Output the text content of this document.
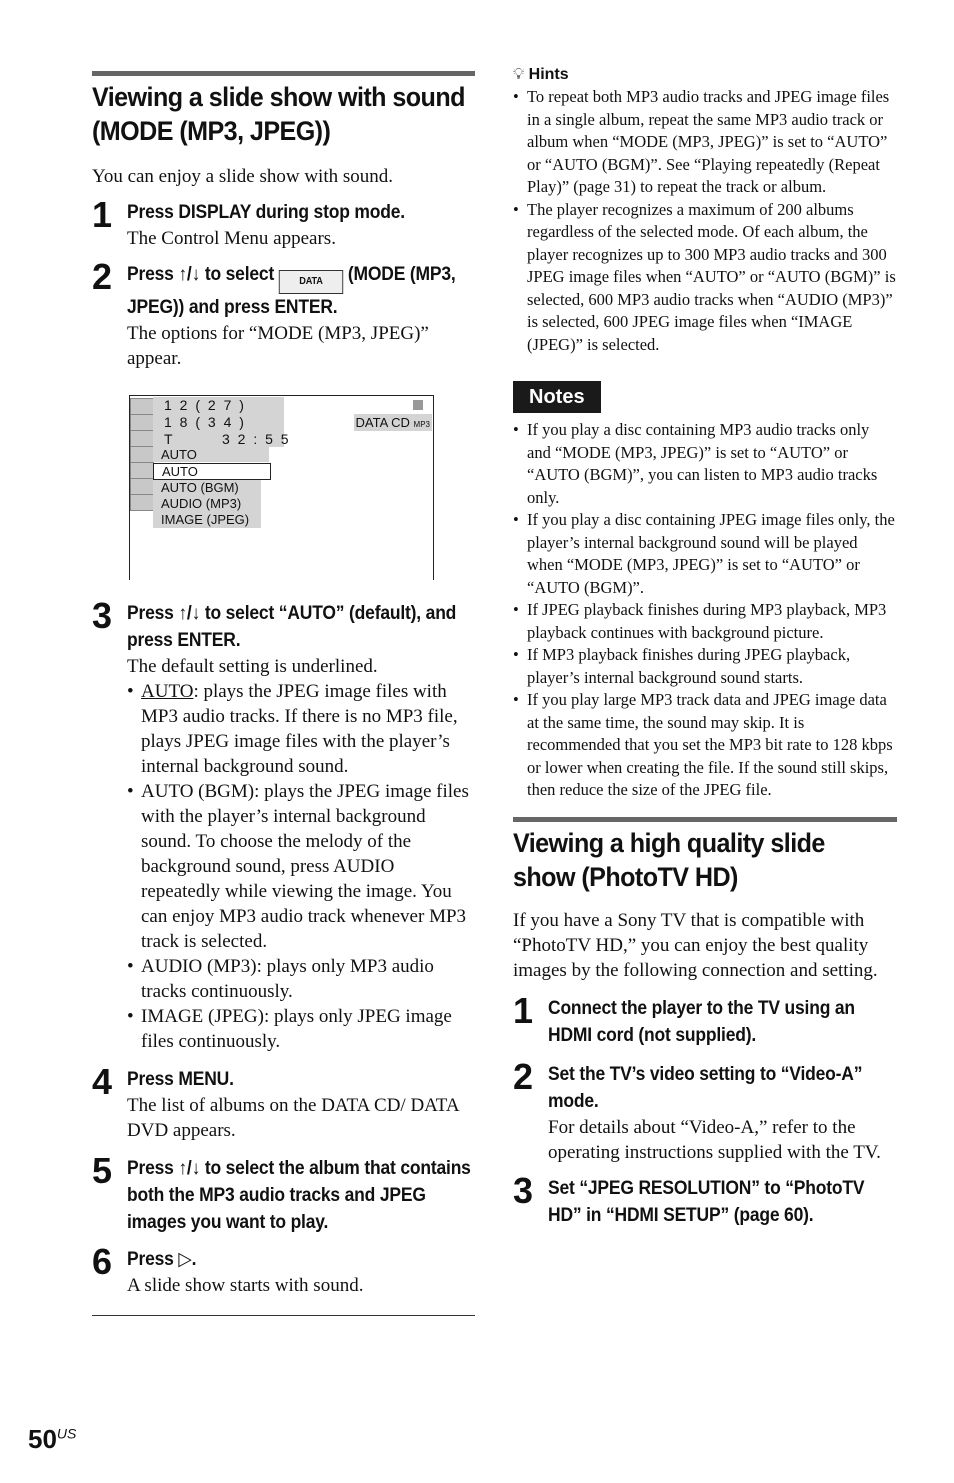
Viewing a slide show with sound
(MODE (MP3, JPEG))
You can enjoy a slide show with sound.
1 Press DISPLAY during stop mode.
The Control Menu appears.
2 Press ↑/↓ to select	DATA (MODE (MP3, JPEG)) and press ENTER.
The options for “MODE (MP3, JPEG)” appear.
1 2 ( 2 7 )
1 8 ( 3 4 )
T	3 2 : 5 5
AUTO
AUTO
AUTO (BGM)
AUDIO (MP3)
IMAGE (JPEG)
DATA CD MP3
3 Press ↑/↓ to select “AUTO” (default), and press ENTER.
The default setting is underlined.
• AUTO: plays the JPEG image files with MP3 audio tracks. If there is no MP3 file, plays JPEG image files with the player’s internal background sound.
• AUTO (BGM): plays the JPEG image files with the player’s internal background sound. To choose the melody of the background sound, press AUDIO repeatedly while viewing the image. You can enjoy MP3 audio track whenever MP3 track is selected.
• AUDIO (MP3): plays only MP3 audio tracks continuously.
• IMAGE (JPEG): plays only JPEG image files continuously.
4 Press MENU.
The list of albums on the DATA CD/ DATA DVD appears.
5 Press ↑/↓ to select the album that contains both the MP3 audio tracks and JPEG images you want to play.
6 Press ▷.
A slide show starts with sound.
💡︎ Hints
• To repeat both MP3 audio tracks and JPEG image files in a single album, repeat the same MP3 audio track or album when “MODE (MP3, JPEG)” is set to “AUTO” or “AUTO (BGM)”. See “Playing repeatedly (Repeat Play)” (page 31) to repeat the track or album.
• The player recognizes a maximum of 200 albums regardless of the selected mode. Of each album, the player recognizes up to 300 MP3 audio tracks and 300 JPEG image files when “AUTO” or “AUTO (BGM)” is selected, 600 MP3 audio tracks when “AUDIO (MP3)” is selected, 600 JPEG image files when “IMAGE (JPEG)” is selected.
Notes
• If you play a disc containing MP3 audio tracks only and “MODE (MP3, JPEG)” is set to “AUTO” or “AUTO (BGM)”, you can listen to MP3 audio tracks only.
• If you play a disc containing JPEG image files only, the player’s internal background sound will be played when “MODE (MP3, JPEG)” is set to “AUTO” or “AUTO (BGM)”.
• If JPEG playback finishes during MP3 playback, MP3 playback continues with background picture.
• If MP3 playback finishes during JPEG playback, player’s internal background sound starts.
• If you play large MP3 track data and JPEG image data at the same time, the sound may skip. It is recommended that you set the MP3 bit rate to 128 kbps or lower when creating the file. If the sound still skips, then reduce the size of the JPEG file.
Viewing a high quality slide
show (PhotoTV HD)
If you have a Sony TV that is compatible with “PhotoTV HD,” you can enjoy the best quality images by the following connection and setting.
1 Connect the player to the TV using an HDMI cord (not supplied).
2 Set the TV’s video setting to “Video-A” mode.
For details about “Video-A,” refer to the operating instructions supplied with the TV.
3 Set “JPEG RESOLUTION” to “PhotoTV HD” in “HDMI SETUP” (page 60).
$50^{US}$
